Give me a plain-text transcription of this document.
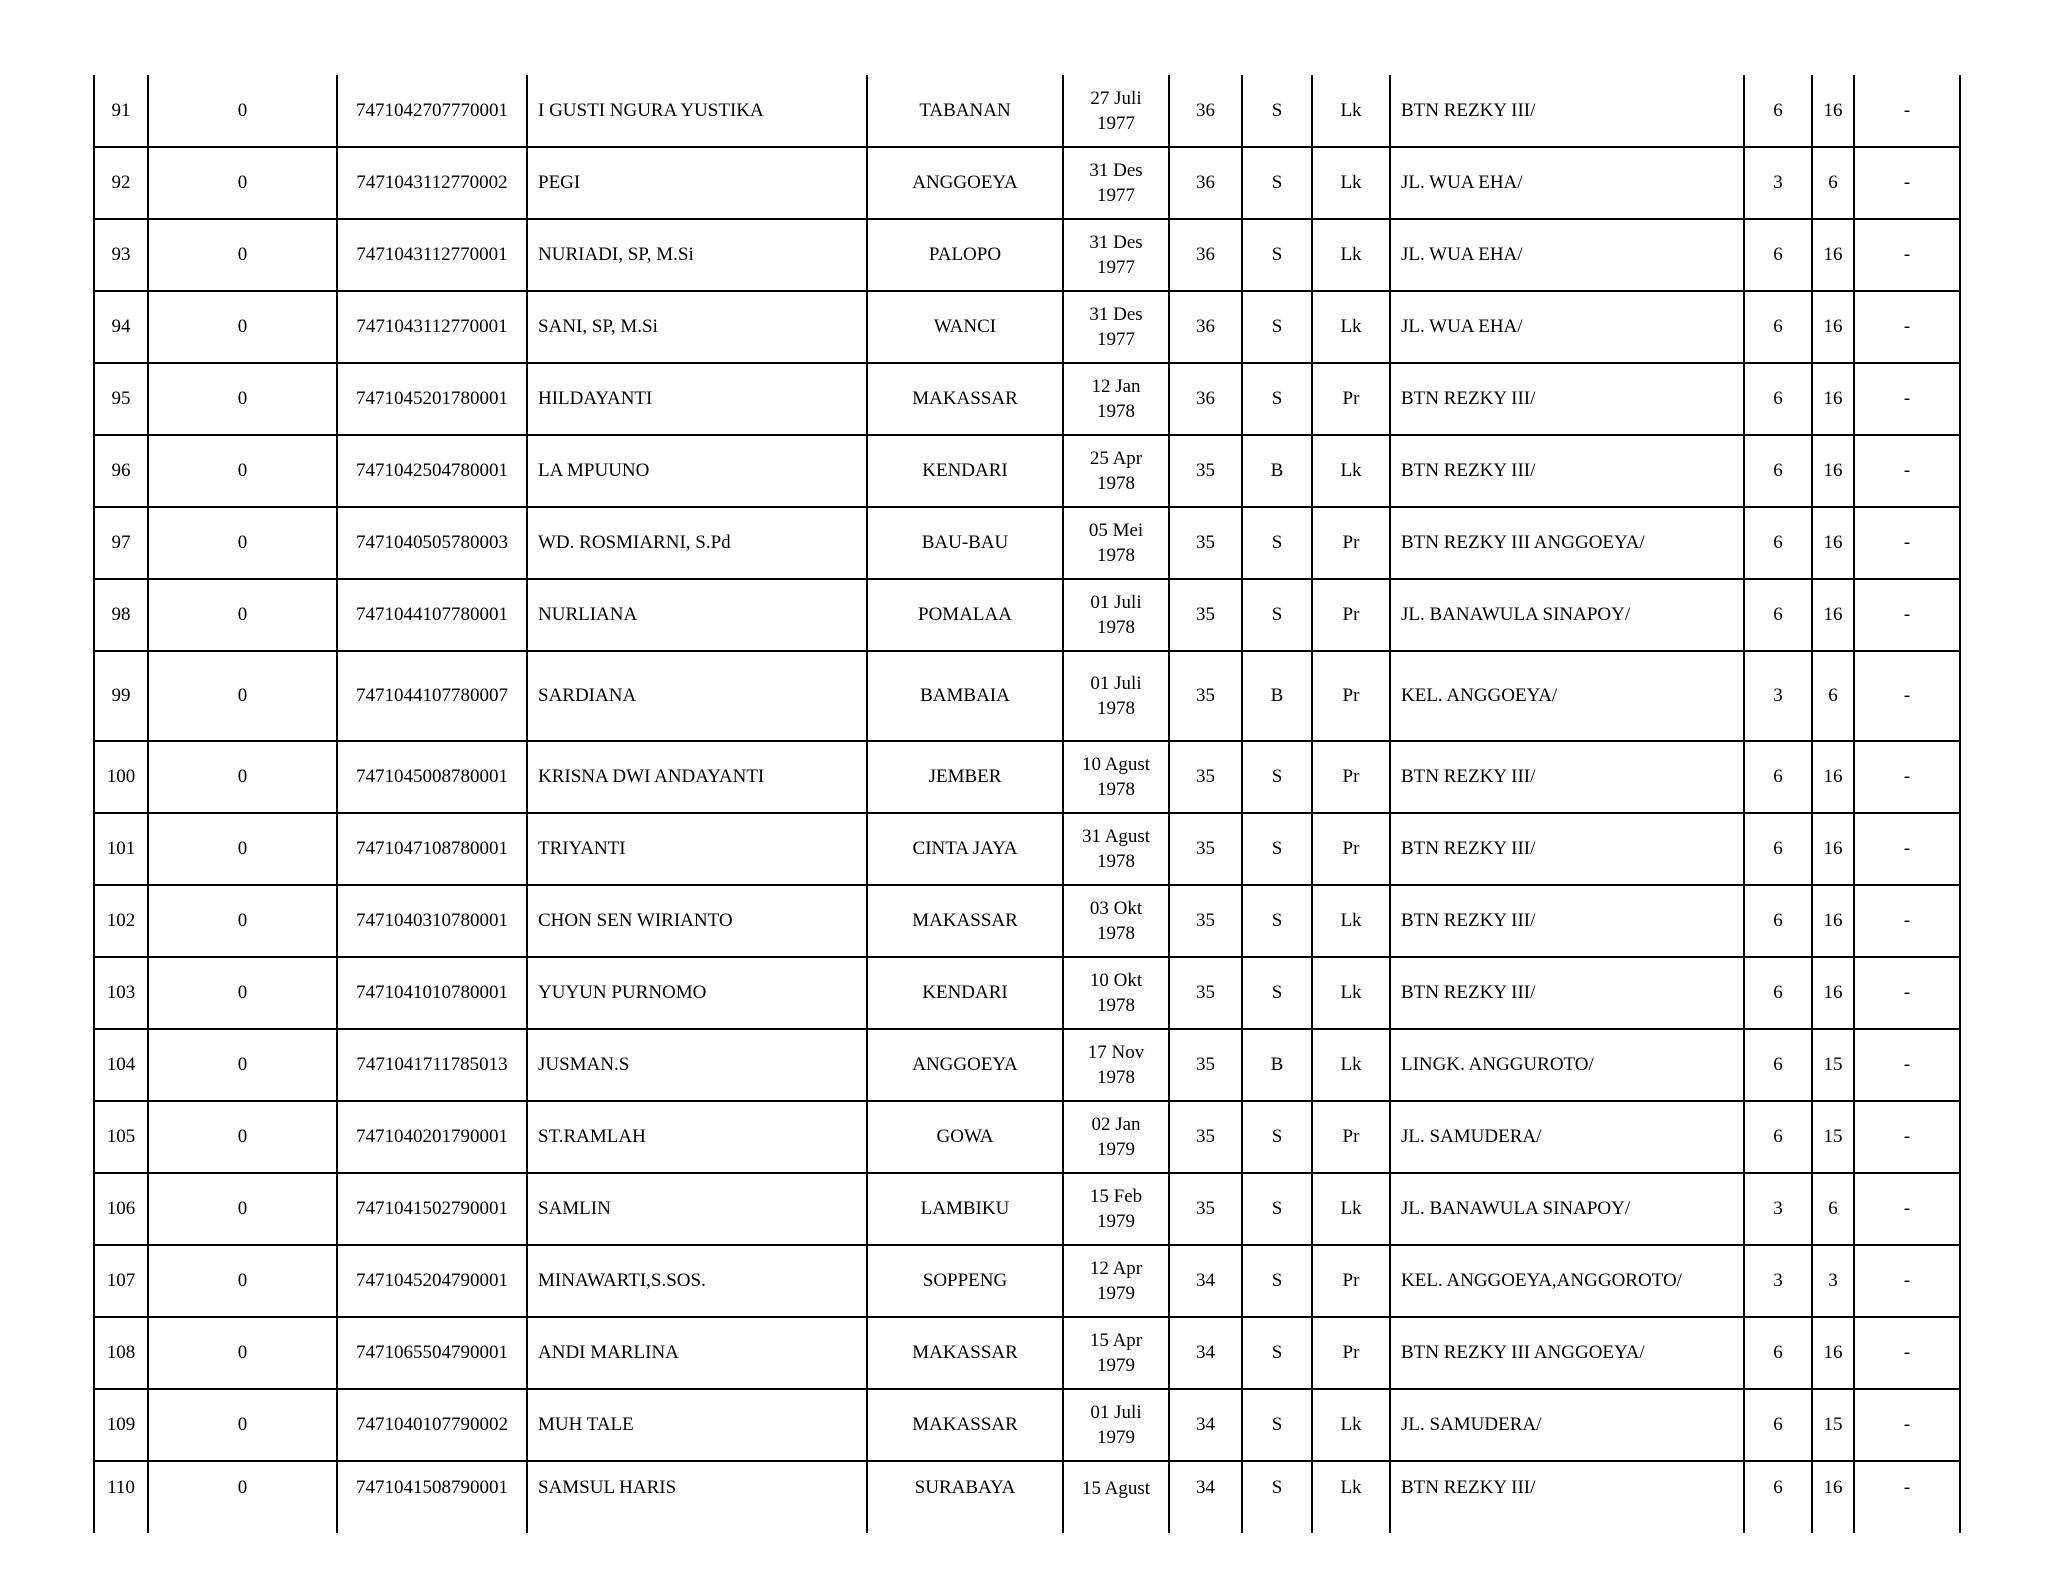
91	0	7471042707770001	I GUSTI NGURA YUSTIKA	TABANAN	27 Juli
1977	36	S	Lk	BTN REZKY III/	6	16	-
92	0	7471043112770002	PEGI	ANGGOEYA	31 Des
1977	36	S	Lk	JL. WUA EHA/	3	6	-
93	0	7471043112770001	NURIADI, SP, M.Si	PALOPO	31 Des
1977	36	S	Lk	JL. WUA EHA/	6	16	-
94	0	7471043112770001	SANI, SP, M.Si	WANCI	31 Des
1977	36	S	Lk	JL. WUA EHA/	6	16	-
95	0	7471045201780001	HILDAYANTI	MAKASSAR	12 Jan
1978	36	S	Pr	BTN REZKY III/	6	16	-
96	0	7471042504780001	LA MPUUNO	KENDARI	25 Apr
1978	35	B	Lk	BTN REZKY III/	6	16	-
97	0	7471040505780003	WD. ROSMIARNI, S.Pd	BAU-BAU	05 Mei
1978	35	S	Pr	BTN REZKY III ANGGOEYA/	6	16	-
98	0	7471044107780001	NURLIANA	POMALAA	01 Juli
1978	35	S	Pr	JL. BANAWULA SINAPOY/	6	16	-
99	0	7471044107780007	SARDIANA	BAMBAIA	01 Juli
1978	35	B	Pr	KEL. ANGGOEYA/	3	6	-
100	0	7471045008780001	KRISNA DWI ANDAYANTI	JEMBER	10 Agust
1978	35	S	Pr	BTN REZKY III/	6	16	-
101	0	7471047108780001	TRIYANTI	CINTA JAYA	31 Agust
1978	35	S	Pr	BTN REZKY III/	6	16	-
102	0	7471040310780001	CHON SEN WIRIANTO	MAKASSAR	03 Okt
1978	35	S	Lk	BTN REZKY III/	6	16	-
103	0	7471041010780001	YUYUN PURNOMO	KENDARI	10 Okt
1978	35	S	Lk	BTN REZKY III/	6	16	-
104	0	7471041711785013	JUSMAN.S	ANGGOEYA	17 Nov
1978	35	B	Lk	LINGK. ANGGUROTO/	6	15	-
105	0	7471040201790001	ST.RAMLAH	GOWA	02 Jan
1979	35	S	Pr	JL. SAMUDERA/	6	15	-
106	0	7471041502790001	SAMLIN	LAMBIKU	15 Feb
1979	35	S	Lk	JL. BANAWULA SINAPOY/	3	6	-
107	0	7471045204790001	MINAWARTI,S.SOS.	SOPPENG	12 Apr
1979	34	S	Pr	KEL. ANGGOEYA,ANGGOROTO/	3	3	-
108	0	7471065504790001	ANDI MARLINA	MAKASSAR	15 Apr
1979	34	S	Pr	BTN REZKY III ANGGOEYA/	6	16	-
109	0	7471040107790002	MUH TALE	MAKASSAR	01 Juli
1979	34	S	Lk	JL. SAMUDERA/	6	15	-
110	0	7471041508790001	SAMSUL HARIS	SURABAYA	15 Agust	34	S	Lk	BTN REZKY III/	6	16	-
